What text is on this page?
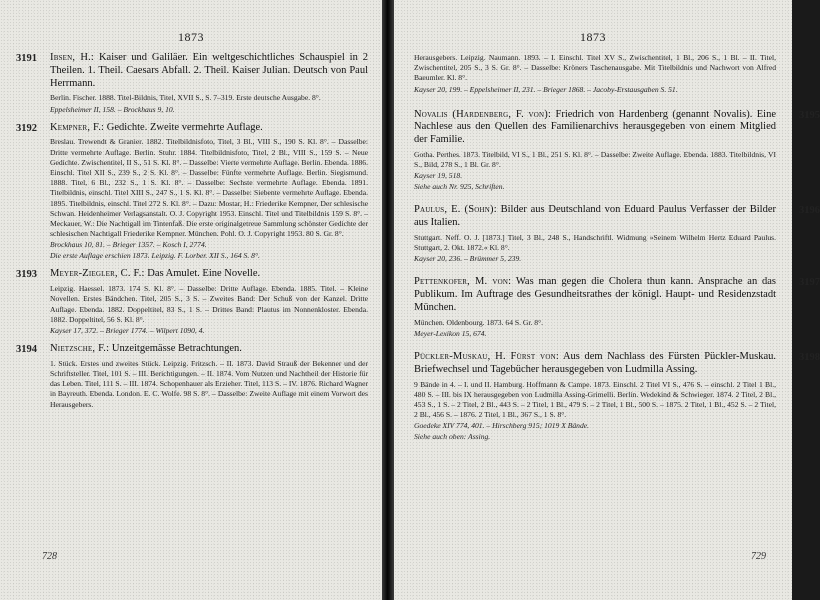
1873
3191 Ibsen, H.: Kaiser und Galiläer. Ein weltgeschichtliches Schauspiel in 2 Theilen. 1. Theil. Caesars Abfall. 2. Theil. Kaiser Julian. Deutsch von Paul Herrmann.
Berlin. Fischer. 1888. Titel-Bildnis, Titel, XVII S., S. 7–319. Erste deutsche Ausgabe. 8°.
Eppelsheimer II, 158. – Brockhaus 9, 10.
3192 Kempner, F.: Gedichte. Zweite vermehrte Auflage.
Breslau. Trewendt & Granier. 1882. Titelbildnisfoto, Titel, 3 Bl., VIII S., 190 S. Kl. 8°. – Dasselbe: Dritte vermehrte Auflage. Berlin. Stuhr. 1884. Titelbildnisfoto, Titel, 2 Bl., VIII S., 159 S. – Neue Gedichte. Zwischentitel, II S., 51 S. Kl. 8°. – Dasselbe: Vierte vermehrte Auflage. Berlin. Ebenda. 1886. Einschl. Titel XII S., 239 S., 2 S. Kl. 8°. – Dasselbe: Fünfte vermehrte Auflage. Berlin. Siegismund. 1888. Titel, 6 Bl., 232 S., 1 S. Kl. 8°. – Dasselbe: Sechste vermehrte Auflage. Ebenda. 1891. Titelbildnis, einschl. Titel XIII S., 247 S., 1 S. Kl. 8°. – Dasselbe: Siebente vermehrte Auflage. Ebenda. 1895. Titelbildnis, einschl. Titel 272 S. Kl. 8°. – Dazu: Mostar, H.: Friederike Kempner, Der schlesische Schwan. Heidenheimer Verlagsanstalt. O. J. Copyright 1953. Einschl. Titel und Titelbildnis 159 S. 8°. – Meckauer, W.: Die Nachtigall im Tintenfaß. Die erste originalgetreue Sammlung schönster Gedichte der schlesischen Nachtigall Friederike Kempner. München. Pohl. O. J. Copyright 1953. 80 S. Gr. 8°.
Brockhaus 10, 81. – Brieger 1357. – Kosch I, 2774.
Die erste Auflage erschien 1873. Leipzig. F. Lorber. XII S., 164 S. 8°.
3193 Meyer-Ziegler, C. F.: Das Amulet. Eine Novelle.
Leipzig. Haessel. 1873. 174 S. Kl. 8°. – Dasselbe: Dritte Auflage. Ebenda. 1885. Titel. – Kleine Novellen. Erstes Bändchen. Titel, 205 S., 3 S. – Zweites Band: Der Schuß von der Kanzel. Dritte Auflage. Ebenda. 1882. Doppeltitel, 83 S., 1 S. – Drittes Band: Plautus im Nonnenkloster. Ebenda. 1882. Doppeltitel, 56 S. Kl. 8°.
Kayser 17, 372. – Brieger 1774. – Wilpert 1090, 4.
3194 Nietzsche, F.: Unzeitgemässe Betrachtungen.
1. Stück. Erstes und zweites Stück. Leipzig. Fritzsch. – II. 1873. David Strauß der Bekenner und der Schriftsteller. Titel, 101 S. – III. Berichtigungen. – II. 1874. Vom Nutzen und Nachtheil der Historie für das Leben. Titel, 111 S. – III. 1874. Schopenhauer als Erzieher. Titel, 113 S. – IV. 1876. Richard Wagner in Bayreuth. Ebenda. London. E. C. Wolfe. 98 S. 8°. – Dasselbe: Zweite Auflage mit einem Vorwort des Herausgebers.
728
1873
Herausgebers. Leipzig. Naumann. 1893. – I. Einschl. Titel XV S., Zwischentitel, 1 Bl., 206 S., 1 Bl. – II. Titel, Zwischentitel, 205 S., 3 S. Gr. 8°. – Dasselbe: Kröners Taschenausgabe. Mit Titelbildnis und Nachwort von Alfred Baeumler. Kl. 8°.
Kayser 20, 199. – Eppelsheimer II, 231. – Brieger 1868. – Jacoby-Erstausgaben S. 51.
3195
Novalis (Hardenberg, F. von): Friedrich von Hardenberg (genannt Novalis). Eine Nachlese aus den Quellen des Familienarchivs herausgegeben von einem Mitglied der Familie.
Gotha. Perthes. 1873. Titelbild, VI S., 1 Bl., 251 S. Kl. 8°. – Dasselbe: Zweite Auflage. Ebenda. 1883. Titelbildnis, VI S., Bild, 278 S., 1 Bl. Gr. 8°.
Kayser 19, 518.
Siehe auch Nr. 925, Schriften.
3196
Paulus, E. (Sohn): Bilder aus Deutschland von Eduard Paulus Verfasser der Bilder aus Italien.
Stuttgart. Neff. O. J. [1873.] Titel, 3 Bl., 248 S., Handschriftl. Widmung »Seinem Wilhelm Hertz Eduard Paulus. Stuttgart, 2. Okt. 1872.« Kl. 8°.
Kayser 20, 236. – Brümmer 5, 239.
3197
Pettenkofer, M. von: Was man gegen die Cholera thun kann. Ansprache an das Publikum. Im Auftrage des Gesundheitsrathes der königl. Haupt- und Residenzstadt München.
München. Oldenbourg. 1873. 64 S. Gr. 8°.
Meyer-Lexikon 15, 674.
3198
Pückler-Muskau, H. Fürst von: Aus dem Nachlass des Fürsten Pückler-Muskau. Briefwechsel und Tagebücher herausgegeben von Ludmilla Assing.
9 Bände in 4. – I. und II. Hamburg. Hoffmann & Campe. 1873. Einschl. 2 Titel VI S., 476 S. – einschl. 2 Titel 1 Bl., 480 S. – III. bis IX herausgegeben von Ludmilla Assing-Grimelli. Berlin. Wedekind & Schwieger. 1874. 2 Titel, 2 Bl., 453 S., 1 S. – 2 Titel, 2 Bl., 443 S. – 2 Titel, 1 Bl., 479 S. – 2 Titel, 1 Bl., 500 S. – 1875. 2 Titel, 1 Bl., 452 S. – 2 Titel, 2 Bl., 456 S. – 1876. 2 Titel, 1 Bl., 367 S., 1 S. 8°.
Goedeke XIV 774, 401. – Hirschberg 915; 1019 X Bände.
Siehe auch oben: Assing.
729
